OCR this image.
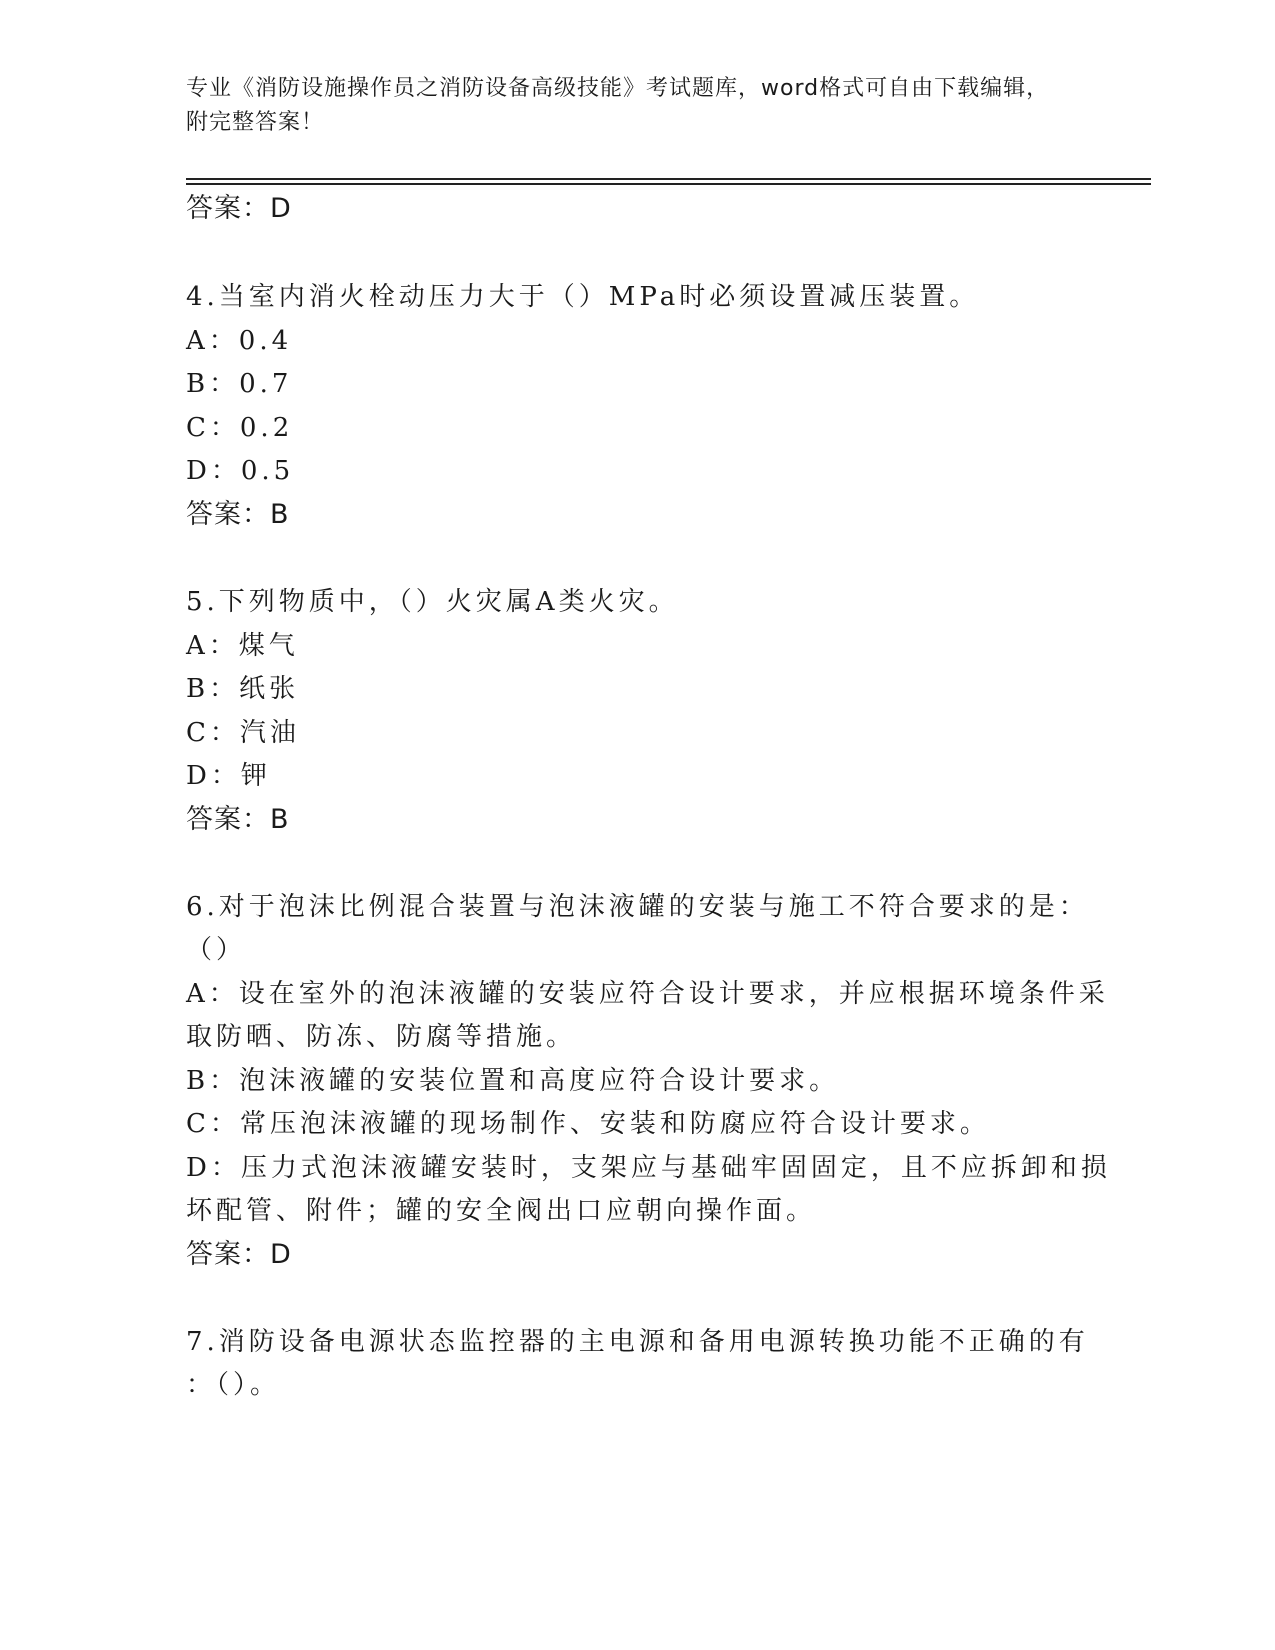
专业《消防设施操作员之消防设备高级技能》考试题库，word格式可自由下载编辑，附完整答案！
答案：D
4.当室内消火栓动压力大于（）MPa时必须设置减压装置。
A：0.4
B：0.7
C：0.2
D：0.5
答案：B
5.下列物质中，（）火灾属A类火灾。
A：煤气
B：纸张
C：汽油
D：钾
答案：B
6.对于泡沫比例混合装置与泡沫液罐的安装与施工不符合要求的是：
（）
A：设在室外的泡沫液罐的安装应符合设计要求，并应根据环境条件采
取防晒、防冻、防腐等措施。
B：泡沫液罐的安装位置和高度应符合设计要求。
C：常压泡沫液罐的现场制作、安装和防腐应符合设计要求。
D：压力式泡沫液罐安装时，支架应与基础牢固固定，且不应拆卸和损
坏配管、附件；罐的安全阀出口应朝向操作面。
答案：D
7.消防设备电源状态监控器的主电源和备用电源转换功能不正确的有
：（）。
